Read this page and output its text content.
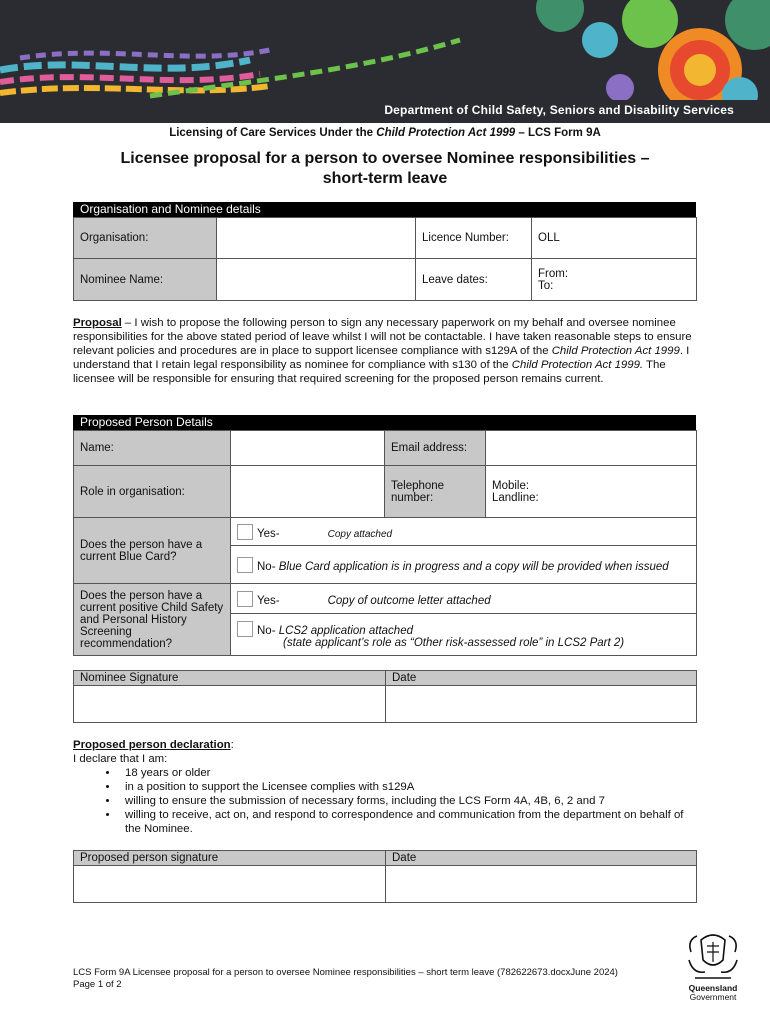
Department of Child Safety, Seniors and Disability Services
Licensing of Care Services Under the Child Protection Act 1999 – LCS Form 9A
Licensee proposal for a person to oversee Nominee responsibilities –
short-term leave
Organisation and Nominee details
Organisation:		Licence Number:	OLL
Nominee Name:		Leave dates:	From:
To:
Proposal – I wish to propose the following person to sign any necessary paperwork on my behalf and oversee nominee responsibilities for the above stated period of leave whilst I will not be contactable. I have taken reasonable steps to ensure relevant policies and procedures are in place to support licensee compliance with s129A of the Child Protection Act 1999. I understand that I retain legal responsibility as nominee for compliance with s130 of the Child Protection Act 1999. The licensee will be responsible for ensuring that required screening for the proposed person remains current.
Proposed Person Details
Name:		Email address:	
Role in organisation:		Telephone number:	Mobile:
Landline:

Does the person have a current Blue Card?	Yes- Copy attached		
	No- Blue Card application is in progress and a copy will be provided when issued		
Does the person have a current positive Child Safety and Personal History Screening recommendation?	Yes- Copy of outcome letter attached		
	No- LCS2 application attached
(state applicant’s role as “Other risk-assessed role” in LCS2 Part 2)		
Nominee Signature	Date

Proposed person declaration:
I declare that I am:
• 18 years or older
• in a position to support the Licensee complies with s129A
• willing to ensure the submission of necessary forms, including the LCS Form 4A, 4B, 6, 2 and 7
• willing to receive, act on, and respond to correspondence and communication from the department on behalf of the Nominee.
Proposed person signature	Date

LCS Form 9A Licensee proposal for a person to oversee Nominee responsibilities – short term leave (782622673.docxJune 2024)
Page 1 of 2	Queensland
Government
